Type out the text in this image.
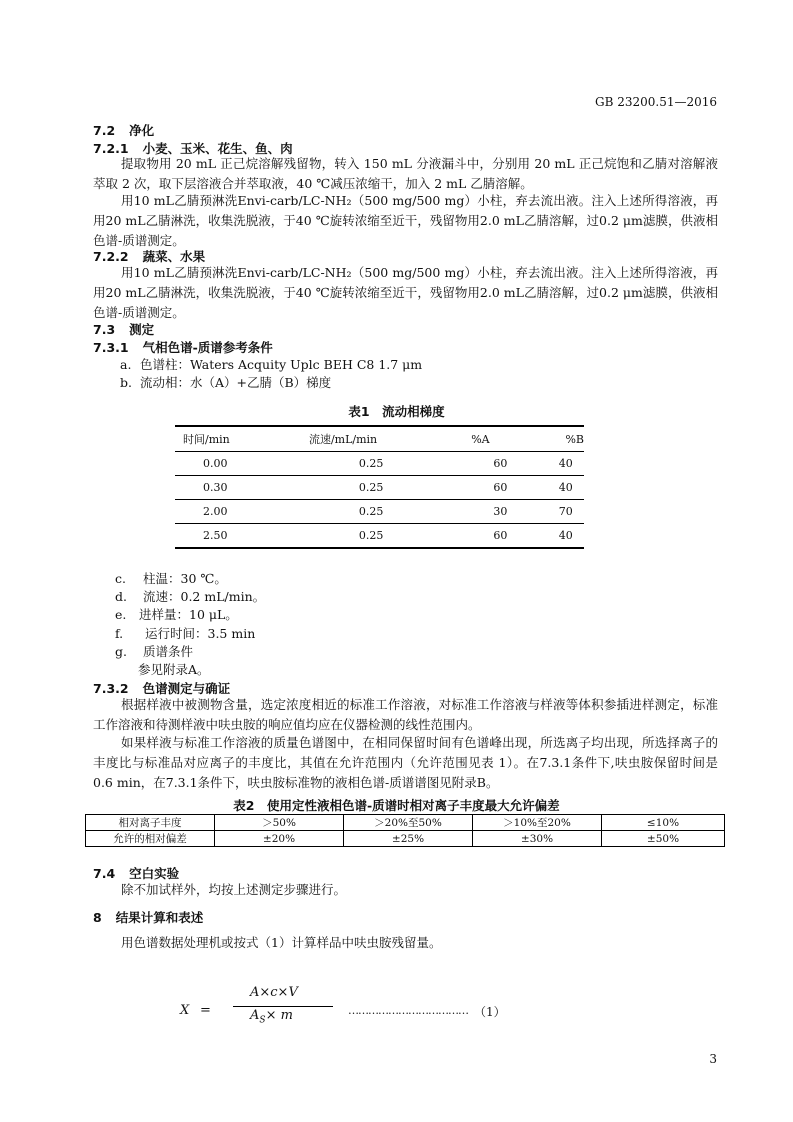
GB 23200.51—2016
7.2 净化
7.2.1 小麦、玉米、花生、鱼、肉
提取物用 20 mL 正己烷溶解残留物，转入 150 mL 分液漏斗中，分别用 20 mL 正己烷饱和乙腈对溶解液萃取 2 次，取下层溶液合并萃取液，40 ℃减压浓缩干，加入 2 mL 乙腈溶解。
用10 mL乙腈预淋洗Envi-carb/LC-NH₂（500 mg/500 mg）小柱，弃去流出液。注入上述所得溶液，再用20 mL乙腈淋洗，收集洗脱液，于40 ℃旋转浓缩至近干，残留物用2.0 mL乙腈溶解，过0.2 μm滤膜，供液相色谱-质谱测定。
7.2.2 蔬菜、水果
用10 mL乙腈预淋洗Envi-carb/LC-NH₂（500 mg/500 mg）小柱，弃去流出液。注入上述所得溶液，再用20 mL乙腈淋洗，收集洗脱液，于40 ℃旋转浓缩至近干，残留物用2.0 mL乙腈溶解，过0.2 μm滤膜，供液相色谱-质谱测定。
7.3 测定
7.3.1 气相色谱-质谱参考条件
a. 色谱柱：Waters Acquity Uplc BEH C8 1.7 μm
b. 流动相：水（A）+乙腈（B）梯度
表1　流动相梯度
时间/min	流速/mL/min	%A	%B
0.00	0.25	60	40
0.30	0.25	60	40
2.00	0.25	30	70
2.50	0.25	60	40
c. 柱温：30 ℃。
d. 流速：0.2 mL/min。
e. 进样量：10 μL。
f. 运行时间：3.5 min
g. 质谱条件
参见附录A。
7.3.2 色谱测定与确证
根据样液中被测物含量，选定浓度相近的标准工作溶液，对标准工作溶液与样液等体积参插进样测定，标准工作溶液和待测样液中呋虫胺的响应值均应在仪器检测的线性范围内。
如果样液与标准工作溶液的质量色谱图中，在相同保留时间有色谱峰出现，所选离子均出现，所选择离子的丰度比与标准品对应离子的丰度比，其值在允许范围内（允许范围见表 1）。在7.3.1条件下,呋虫胺保留时间是 0.6 min，在7.3.1条件下，呋虫胺标准物的液相色谱-质谱谱图见附录B。
表2　使用定性液相色谱-质谱时相对离子丰度最大允许偏差
相对离子丰度	＞50%	＞20%至50%	＞10%至20%	≤10%
允许的相对偏差	±20%	±25%	±30%	±50%
7.4 空白实验
除不加试样外，均按上述测定步骤进行。
8 结果计算和表述
用色谱数据处理机或按式（1）计算样品中呋虫胺残留量。
X =
A×c×V
$A_S\times m$	……………………………… （1）
3
